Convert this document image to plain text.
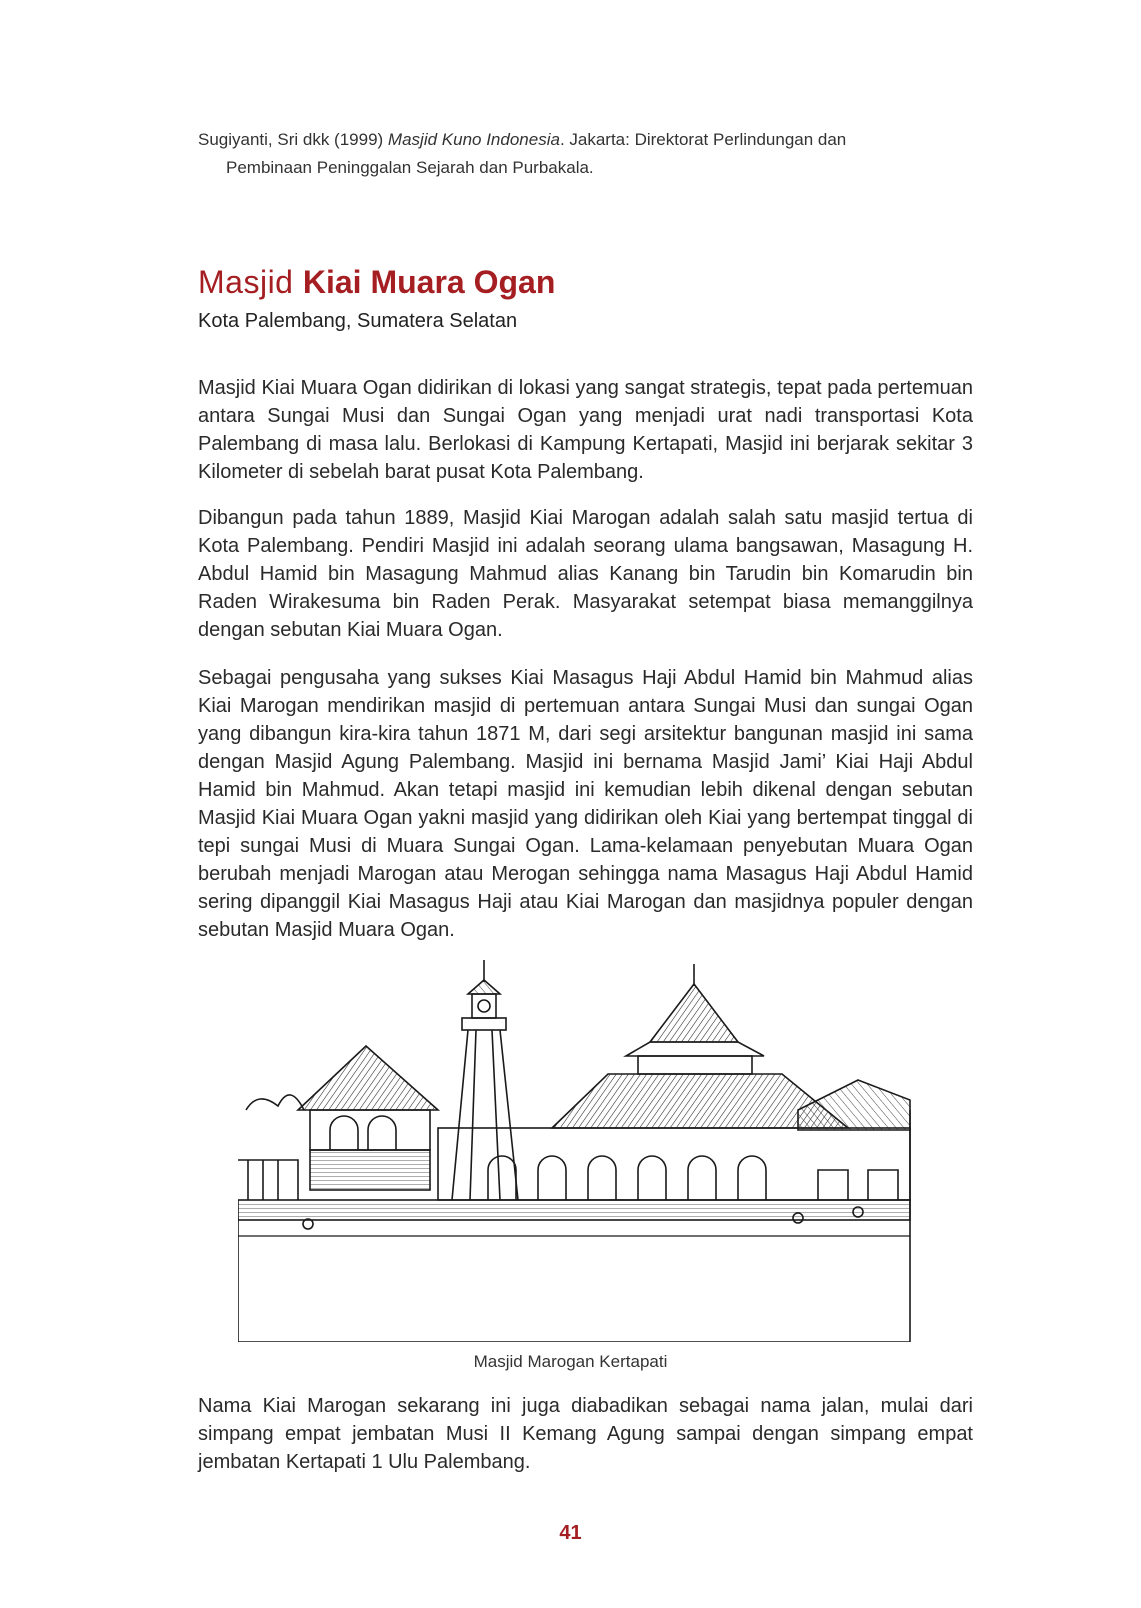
Sugiyanti, Sri dkk (1999) Masjid Kuno Indonesia. Jakarta: Direktorat Perlindungan dan
Pembinaan Peninggalan Sejarah dan Purbakala.
Masjid Kiai Muara Ogan
Kota Palembang, Sumatera Selatan

Masjid Kiai Muara Ogan didirikan di lokasi yang sangat strategis, tepat pada pertemuan antara Sungai Musi dan Sungai Ogan yang menjadi urat nadi transportasi Kota Palembang di masa lalu. Berlokasi di Kampung Kertapati, Masjid ini berjarak sekitar 3 Kilometer di sebelah barat pusat Kota Palembang.

Dibangun pada tahun 1889, Masjid Kiai Marogan adalah salah satu masjid tertua di Kota Palembang. Pendiri Masjid ini adalah seorang ulama bangsawan, Masagung H. Abdul Hamid bin Masagung Mahmud alias Kanang bin Tarudin bin Komarudin bin Raden Wirakesuma bin Raden Perak. Masyarakat setempat biasa memanggilnya dengan sebutan Kiai Muara Ogan.

Sebagai pengusaha yang sukses Kiai Masagus Haji Abdul Hamid bin Mahmud alias Kiai Marogan mendirikan masjid di pertemuan antara Sungai Musi dan sungai Ogan yang dibangun kira-kira tahun 1871 M, dari segi arsitektur bangunan masjid ini sama dengan Masjid Agung Palembang. Masjid ini bernama Masjid Jami’ Kiai Haji Abdul Hamid bin Mahmud. Akan tetapi masjid ini kemudian lebih dikenal dengan sebutan Masjid Kiai Muara Ogan yakni masjid yang didirikan oleh Kiai yang bertempat tinggal di tepi sungai Musi di Muara Sungai Ogan. Lama-kelamaan penyebutan Muara Ogan berubah menjadi Marogan atau Merogan sehingga nama Masagus Haji Abdul Hamid sering dipanggil Kiai Masagus Haji atau Kiai Marogan dan masjidnya populer dengan sebutan Masjid Muara Ogan.

Masjid Marogan Kertapati

Nama Kiai Marogan sekarang ini juga diabadikan sebagai nama jalan, mulai dari simpang empat jembatan Musi II Kemang Agung sampai dengan simpang empat jembatan Kertapati 1 Ulu Palembang.

41
